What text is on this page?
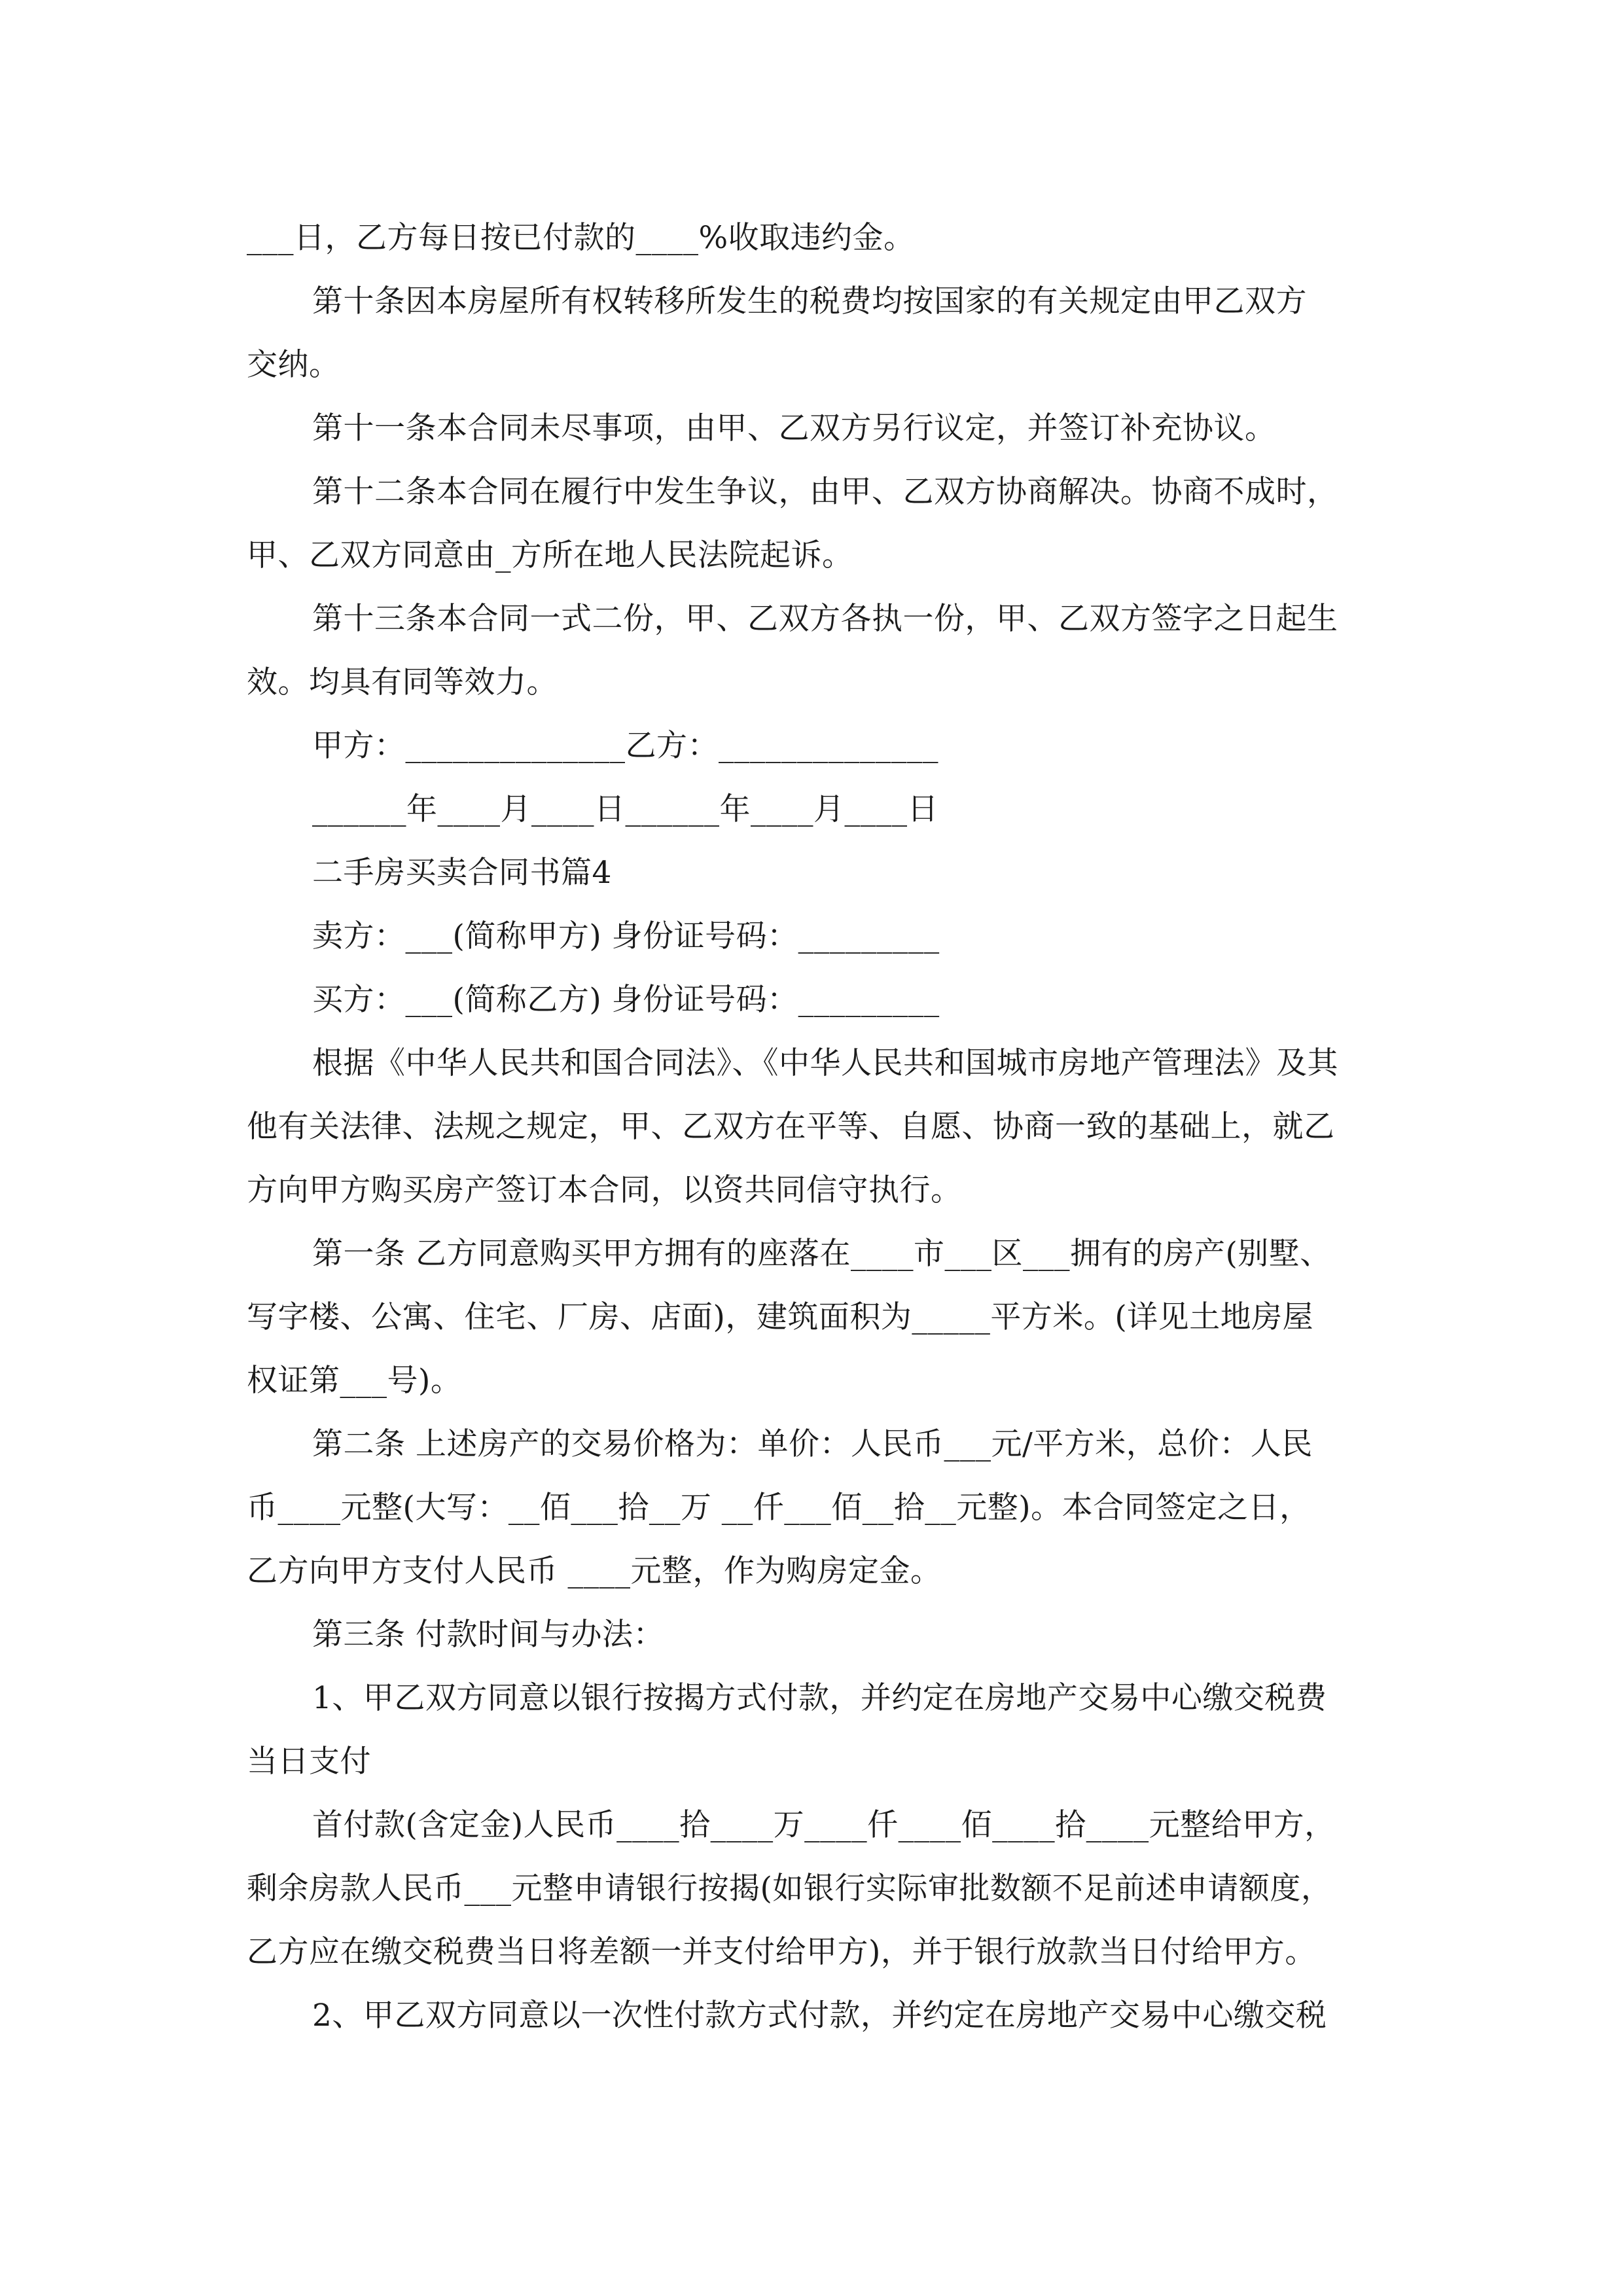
___日，乙方每日按已付款的____%收取违约金。
第十条因本房屋所有权转移所发生的税费均按国家的有关规定由甲乙双方
交纳。
第十一条本合同未尽事项，由甲、乙双方另行议定，并签订补充协议。
第十二条本合同在履行中发生争议，由甲、乙双方协商解决。协商不成时，
甲、乙双方同意由_方所在地人民法院起诉。
第十三条本合同一式二份，甲、乙双方各执一份，甲、乙双方签字之日起生
效。均具有同等效力。
甲方：______________乙方：______________
______年____月____日______年____月____日
二手房买卖合同书篇4
卖方：___(简称甲方) 身份证号码：_________
买方：___(简称乙方) 身份证号码：_________
根据《中华人民共和国合同法》、《中华人民共和国城市房地产管理法》及其
他有关法律、法规之规定，甲、乙双方在平等、自愿、协商一致的基础上，就乙
方向甲方购买房产签订本合同，以资共同信守执行。
第一条 乙方同意购买甲方拥有的座落在____市___区___拥有的房产(别墅、
写字楼、公寓、住宅、厂房、店面)，建筑面积为_____平方米。(详见土地房屋
权证第___号)。
第二条 上述房产的交易价格为：单价：人民币___元/平方米，总价：人民
币____元整(大写：__佰___拾__万 __仟___佰__拾__元整)。本合同签定之日，
乙方向甲方支付人民币 ____元整，作为购房定金。
第三条 付款时间与办法：
1、甲乙双方同意以银行按揭方式付款，并约定在房地产交易中心缴交税费
当日支付
首付款(含定金)人民币____拾____万____仟____佰____拾____元整给甲方，
剩余房款人民币___元整申请银行按揭(如银行实际审批数额不足前述申请额度，
乙方应在缴交税费当日将差额一并支付给甲方)，并于银行放款当日付给甲方。
2、甲乙双方同意以一次性付款方式付款，并约定在房地产交易中心缴交税
